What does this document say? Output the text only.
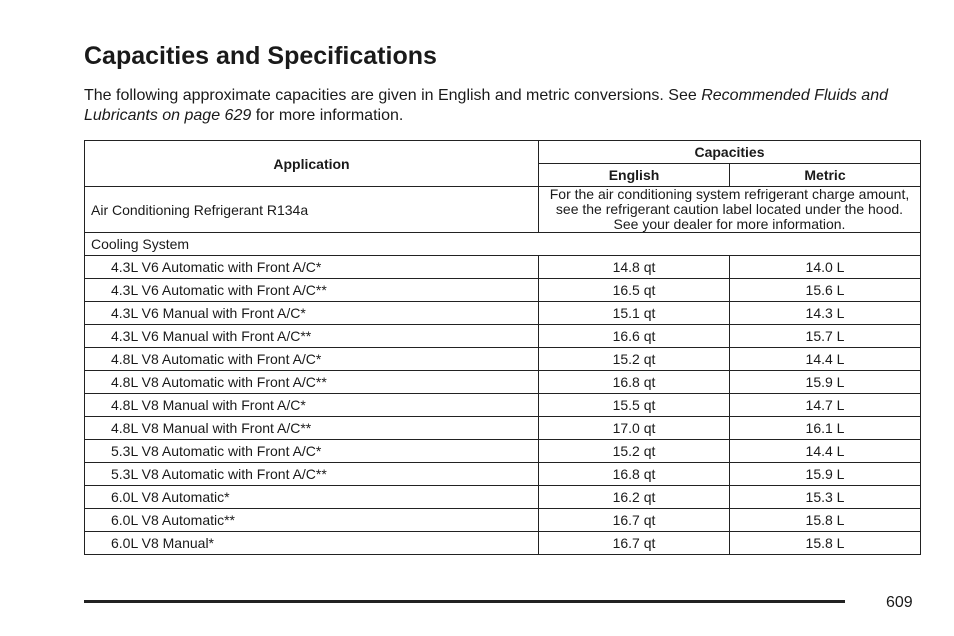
Capacities and Specifications

The following approximate capacities are given in English and metric conversions. See Recommended Fluids and Lubricants on page 629 for more information.

Application	Capacities	
	English	Metric
Air Conditioning Refrigerant R134a	For the air conditioning system refrigerant charge amount, see the refrigerant caution label located under the hood. See your dealer for more information.	
Cooling System		
4.3L V6 Automatic with Front A/C*	14.8 qt	14.0 L
4.3L V6 Automatic with Front A/C**	16.5 qt	15.6 L
4.3L V6 Manual with Front A/C*	15.1 qt	14.3 L
4.3L V6 Manual with Front A/C**	16.6 qt	15.7 L
4.8L V8 Automatic with Front A/C*	15.2 qt	14.4 L
4.8L V8 Automatic with Front A/C**	16.8 qt	15.9 L
4.8L V8 Manual with Front A/C*	15.5 qt	14.7 L
4.8L V8 Manual with Front A/C**	17.0 qt	16.1 L
5.3L V8 Automatic with Front A/C*	15.2 qt	14.4 L
5.3L V8 Automatic with Front A/C**	16.8 qt	15.9 L
6.0L V8 Automatic*	16.2 qt	15.3 L
6.0L V8 Automatic**	16.7 qt	15.8 L
6.0L V8 Manual*	16.7 qt	15.8 L
609
